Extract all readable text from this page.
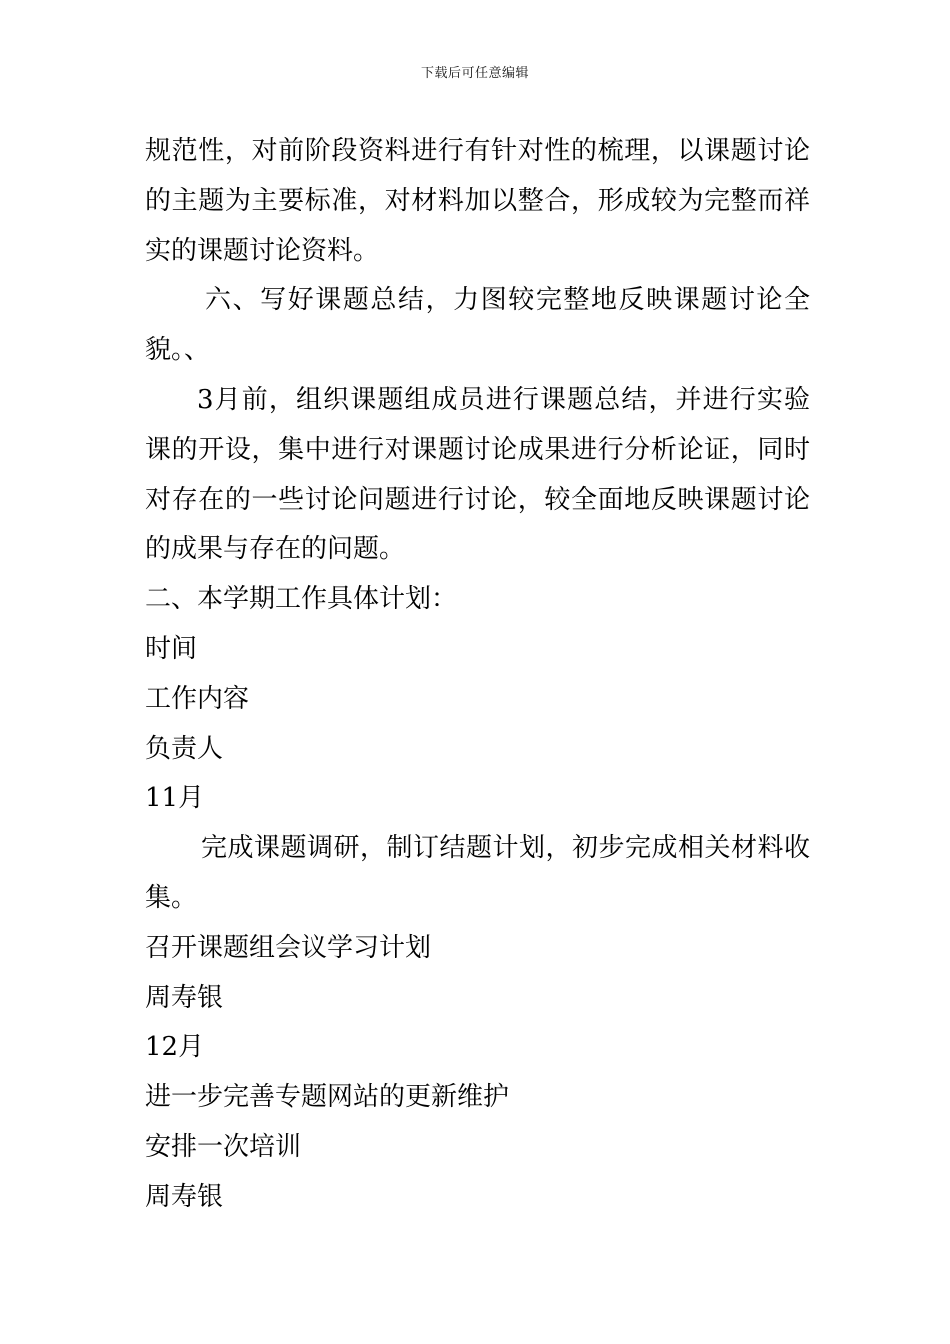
下载后可任意编辑

规范性，对前阶段资料进行有针对性的梳理，以课题讨论的主题为主要标准，对材料加以整合，形成较为完整而祥实的课题讨论资料。

六、写好课题总结，力图较完整地反映课题讨论全貌。、

3月前，组织课题组成员进行课题总结，并进行实验课的开设，集中进行对课题讨论成果进行分析论证，同时对存在的一些讨论问题进行讨论，较全面地反映课题讨论的成果与存在的问题。

二、本学期工作具体计划：

时间

工作内容

负责人

11月

完成课题调研，制订结题计划，初步完成相关材料收集。

召开课题组会议学习计划

周寿银

12月

进一步完善专题网站的更新维护

安排一次培训

周寿银
